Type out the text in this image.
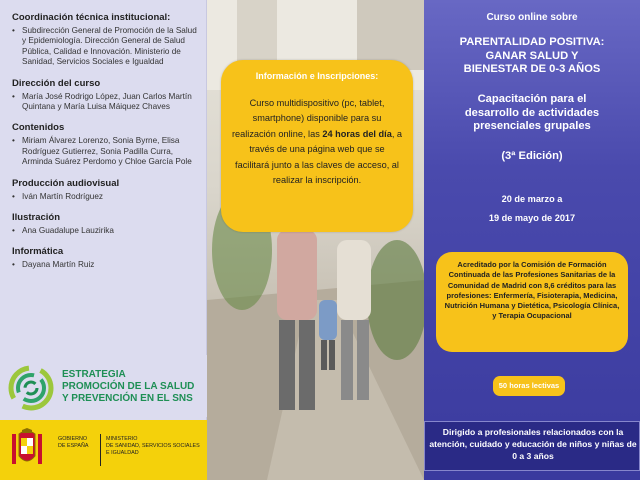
Coordinación técnica institucional:
• Subdirección General de Promoción de la Salud y Epidemiología. Dirección General de Salud Pública, Calidad e Innovación. Ministerio de Sanidad, Servicios Sociales e Igualdad
Dirección del curso
• María José Rodrigo López, Juan Carlos Martín Quintana y María Luisa Máiquez Chaves
Contenidos
• Miriam Álvarez Lorenzo, Sonia Byrne, Elisa Rodríguez Gutierrez, Sonia Padilla Curra, Arminda Suárez Perdomo y Chloe García Pole
Producción audiovisual
• Iván Martín Rodríguez
Ilustración
• Ana Guadalupe Lauzirika
Informática
• Dayana Martín Ruiz
ESTRATEGIA
PROMOCIÓN DE LA SALUD
Y PREVENCIÓN EN EL SNS
GOBIERNO
DE ESPAÑA
MINISTERIO
DE SANIDAD, SERVICIOS SOCIALES
E IGUALDAD
Información e Inscripciones:
Curso multidispositivo (pc, tablet, smartphone) disponible para su realización online, las 24 horas del día, a través de una página web que se facilitará junto a las claves de acceso, al realizar la inscripción.
Curso online sobre
PARENTALIDAD POSITIVA:
GANAR SALUD Y
BIENESTAR DE 0-3 AÑOS
Capacitación para el
desarrollo de actividades
presenciales grupales
(3ª Edición)
20 de marzo a
19 de mayo de 2017
Acreditado por la Comisión de Formación Continuada de las Profesiones Sanitarias de la Comunidad de Madrid con 8,6 créditos para las profesiones: Enfermería, Fisioterapia, Medicina, Nutrición Humana y Dietética, Psicología Clínica, y Terapia Ocupacional
50 horas lectivas
Dirigido a profesionales relacionados con la atención, cuidado y educación de niños y niñas de 0 a 3 años
